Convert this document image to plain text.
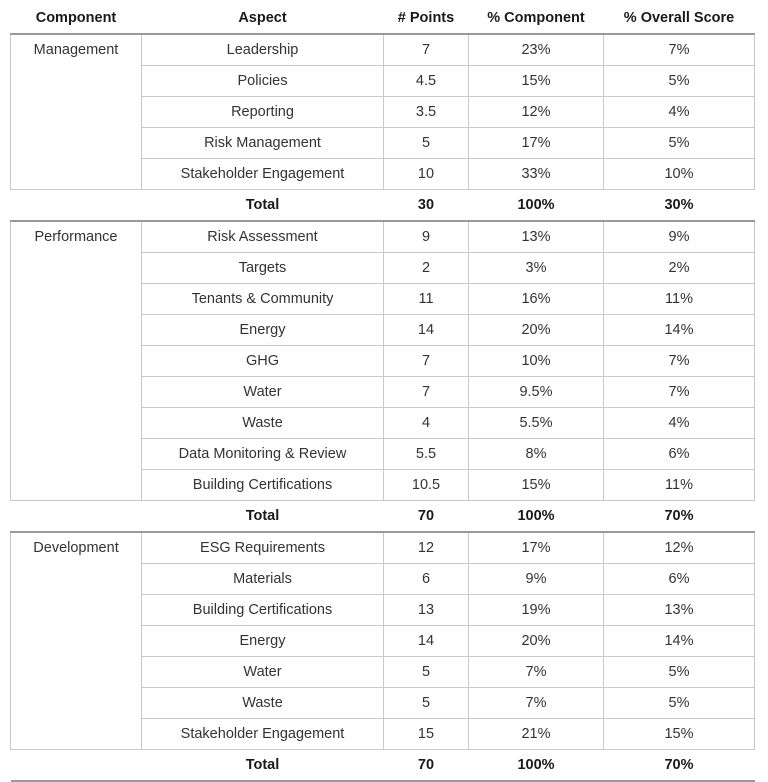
Component	Aspect	# Points	% Component	% Overall Score
Management	Leadership	7	23%	7%
	Policies	4.5	15%	5%
	Reporting	3.5	12%	4%
	Risk Management	5	17%	5%
	Stakeholder Engagement	10	33%	10%
	Total	30	100%	30%
Performance	Risk Assessment	9	13%	9%
	Targets	2	3%	2%
	Tenants & Community	11	16%	11%
	Energy	14	20%	14%
	GHG	7	10%	7%
	Water	7	9.5%	7%
	Waste	4	5.5%	4%
	Data Monitoring & Review	5.5	8%	6%
	Building Certifications	10.5	15%	11%
	Total	70	100%	70%
Development	ESG Requirements	12	17%	12%
	Materials	6	9%	6%
	Building Certifications	13	19%	13%
	Energy	14	20%	14%
	Water	5	7%	5%
	Waste	5	7%	5%
	Stakeholder Engagement	15	21%	15%
	Total	70	100%	70%
